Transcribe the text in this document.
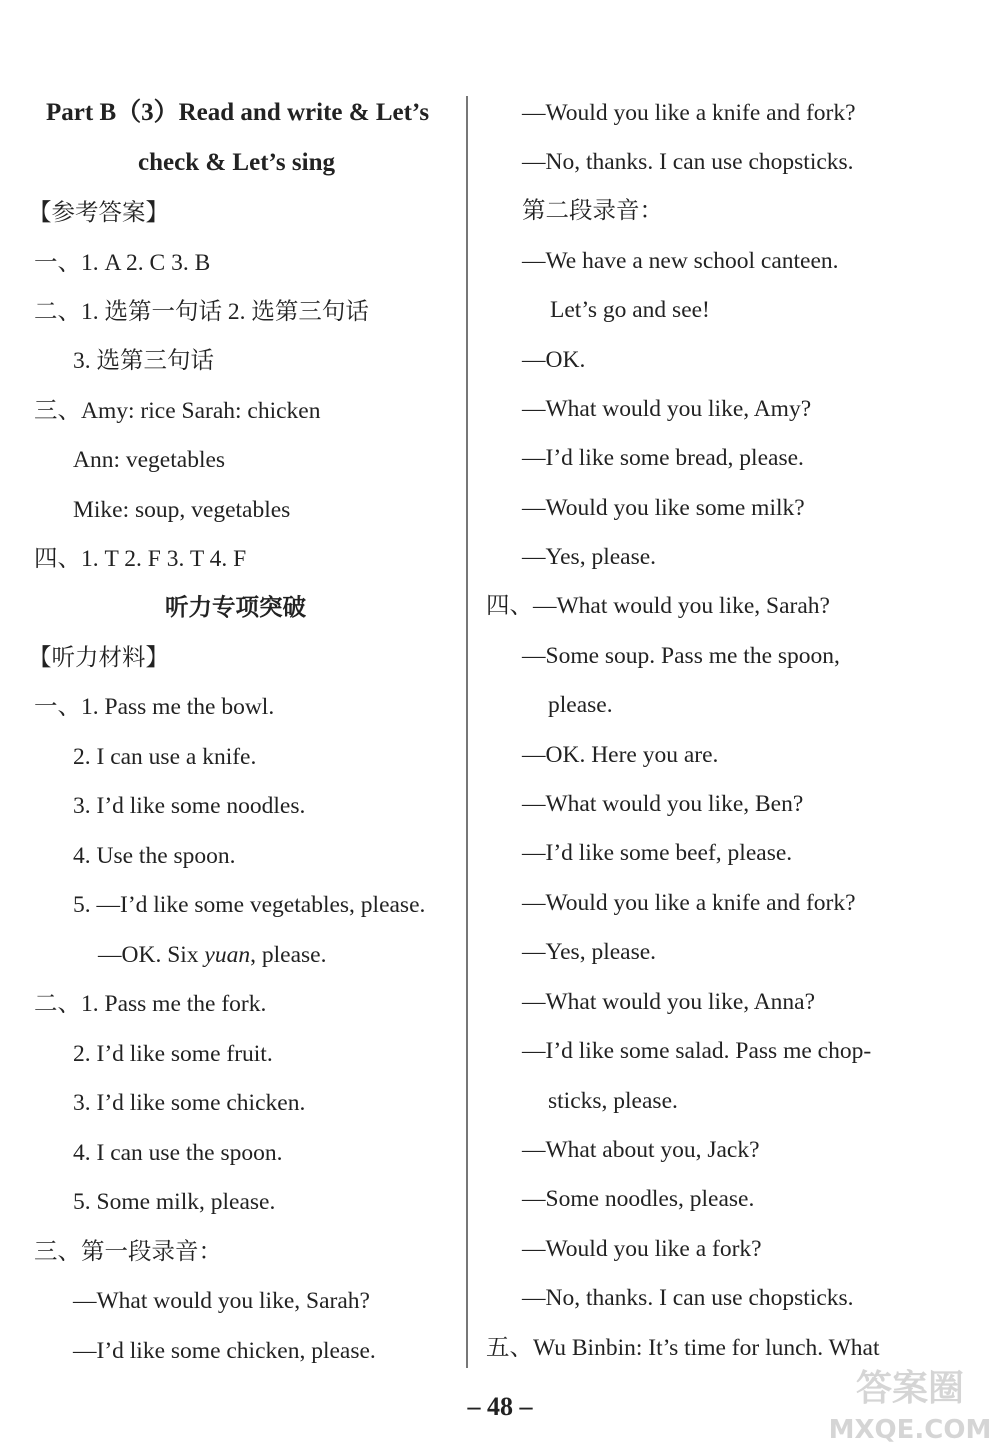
Part B（3）Read and write & Let’s
check & Let’s sing
【参考答案】
一、1. A 2. C 3. B
二、1. 选第一句话 2. 选第三句话
3. 选第三句话
三、Amy: rice Sarah: chicken
Ann: vegetables
Mike: soup, vegetables
四、1. T 2. F 3. T 4. F
听力专项突破
【听力材料】
一、1. Pass me the bowl.
2. I can use a knife.
3. I’d like some noodles.
4. Use the spoon.
5. —I’d like some vegetables, please.
—OK. Six yuan, please.
二、1. Pass me the fork.
2. I’d like some fruit.
3. I’d like some chicken.
4. I can use the spoon.
5. Some milk, please.
三、第一段录音：
—What would you like, Sarah?
—I’d like some chicken, please.
—Would you like a knife and fork?
—No, thanks. I can use chopsticks.
第二段录音：
—We have a new school canteen.
Let’s go and see!
—OK.
—What would you like, Amy?
—I’d like some bread, please.
—Would you like some milk?
—Yes, please.
四、—What would you like, Sarah?
—Some soup. Pass me the spoon,
please.
—OK. Here you are.
—What would you like, Ben?
—I’d like some beef, please.
—Would you like a knife and fork?
—Yes, please.
—What would you like, Anna?
—I’d like some salad. Pass me chop-
sticks, please.
—What about you, Jack?
—Some noodles, please.
—Would you like a fork?
—No, thanks. I can use chopsticks.
五、Wu Binbin: It’s time for lunch. What
– 48 –	答案圈
MXQE.COM
